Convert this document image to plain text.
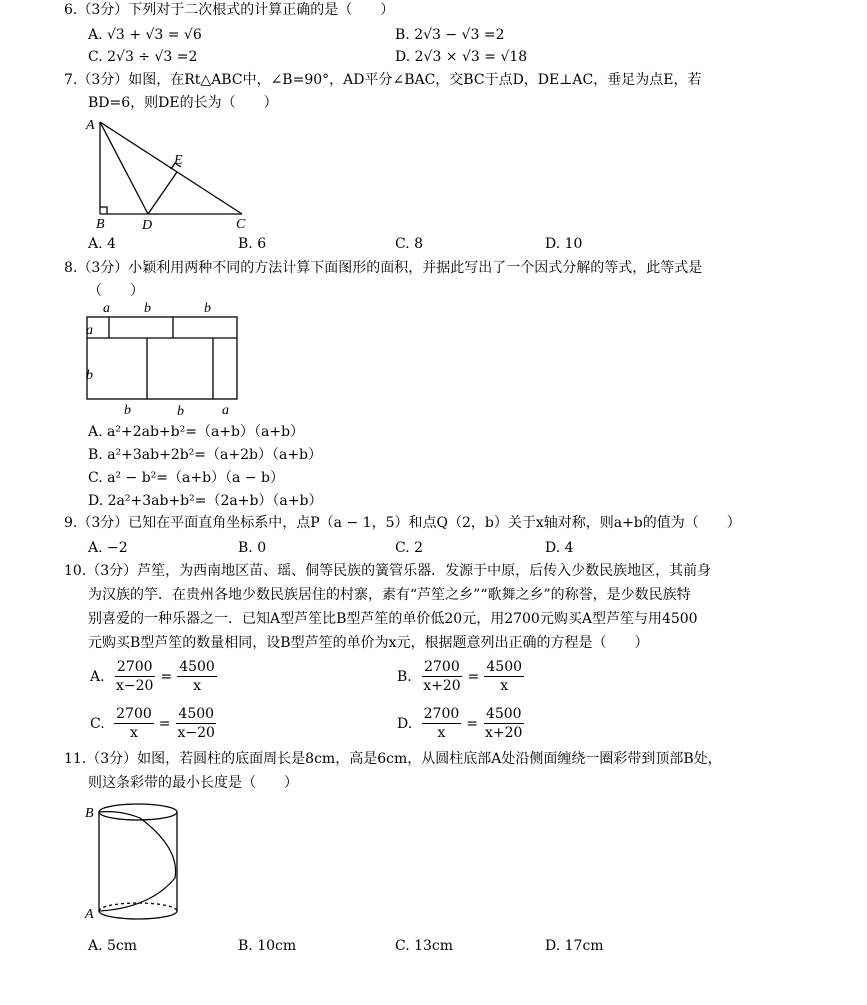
6.（3分）下列对于二次根式的计算正确的是（　　）
A. √3 + √3 = √6	B. 2√3 − √3 =2
C. 2√3 ÷ √3 =2	D. 2√3 × √3 = √18
7.（3分）如图，在Rt△ABC中，∠B=90°，AD平分∠BAC，交BC于点D，DE⊥AC，垂足为点E，若
BD=6，则DE的长为（　　）
A
B	D	C
E
A. 4	B. 6	C. 8	D. 10
8.（3分）小颖利用两种不同的方法计算下面图形的面积，并据此写出了一个因式分解的等式，此等式是
（　　）
a b	b
a
b
b	b	a
A. a²+2ab+b²=（a+b）（a+b）
B. a²+3ab+2b²=（a+2b）（a+b）
C. a² − b²=（a+b）（a − b）
D. 2a²+3ab+b²=（2a+b）（a+b）
9.（3分）已知在平面直角坐标系中，点P（a − 1，5）和点Q（2，b）关于x轴对称，则a+b的值为（　　）
A. −2	B. 0	C. 2	D. 4
10.（3分）芦笙，为西南地区苗、瑶、侗等民族的簧管乐器．发源于中原，后传入少数民族地区，其前身
为汉族的竽．在贵州各地少数民族居住的村寨，素有“芦笙之乡”“歌舞之乡”的称誉，是少数民族特
别喜爱的一种乐器之一．已知A型芦笙比B型芦笙的单价低20元，用2700元购买A型芦笙与用4500
元购买B型芦笙的数量相同，设B型芦笙的单价为x元，根据题意列出正确的方程是（　　）
A. $\frac{2700}{x-20} = \frac{4500}{x}$	B. $\frac{2700}{x+20} = \frac{4500}{x}$
C. $\frac{2700}{x} = \frac{4500}{x-20}$	D. $\frac{2700}{x} = \frac{4500}{x+20}$
11.（3分）如图，若圆柱的底面周长是8cm，高是6cm，从圆柱底部A处沿侧面缠绕一圈彩带到顶部B处，
则这条彩带的最小长度是（　　）
B
A
A. 5cm	B. 10cm	C. 13cm	D. 17cm
